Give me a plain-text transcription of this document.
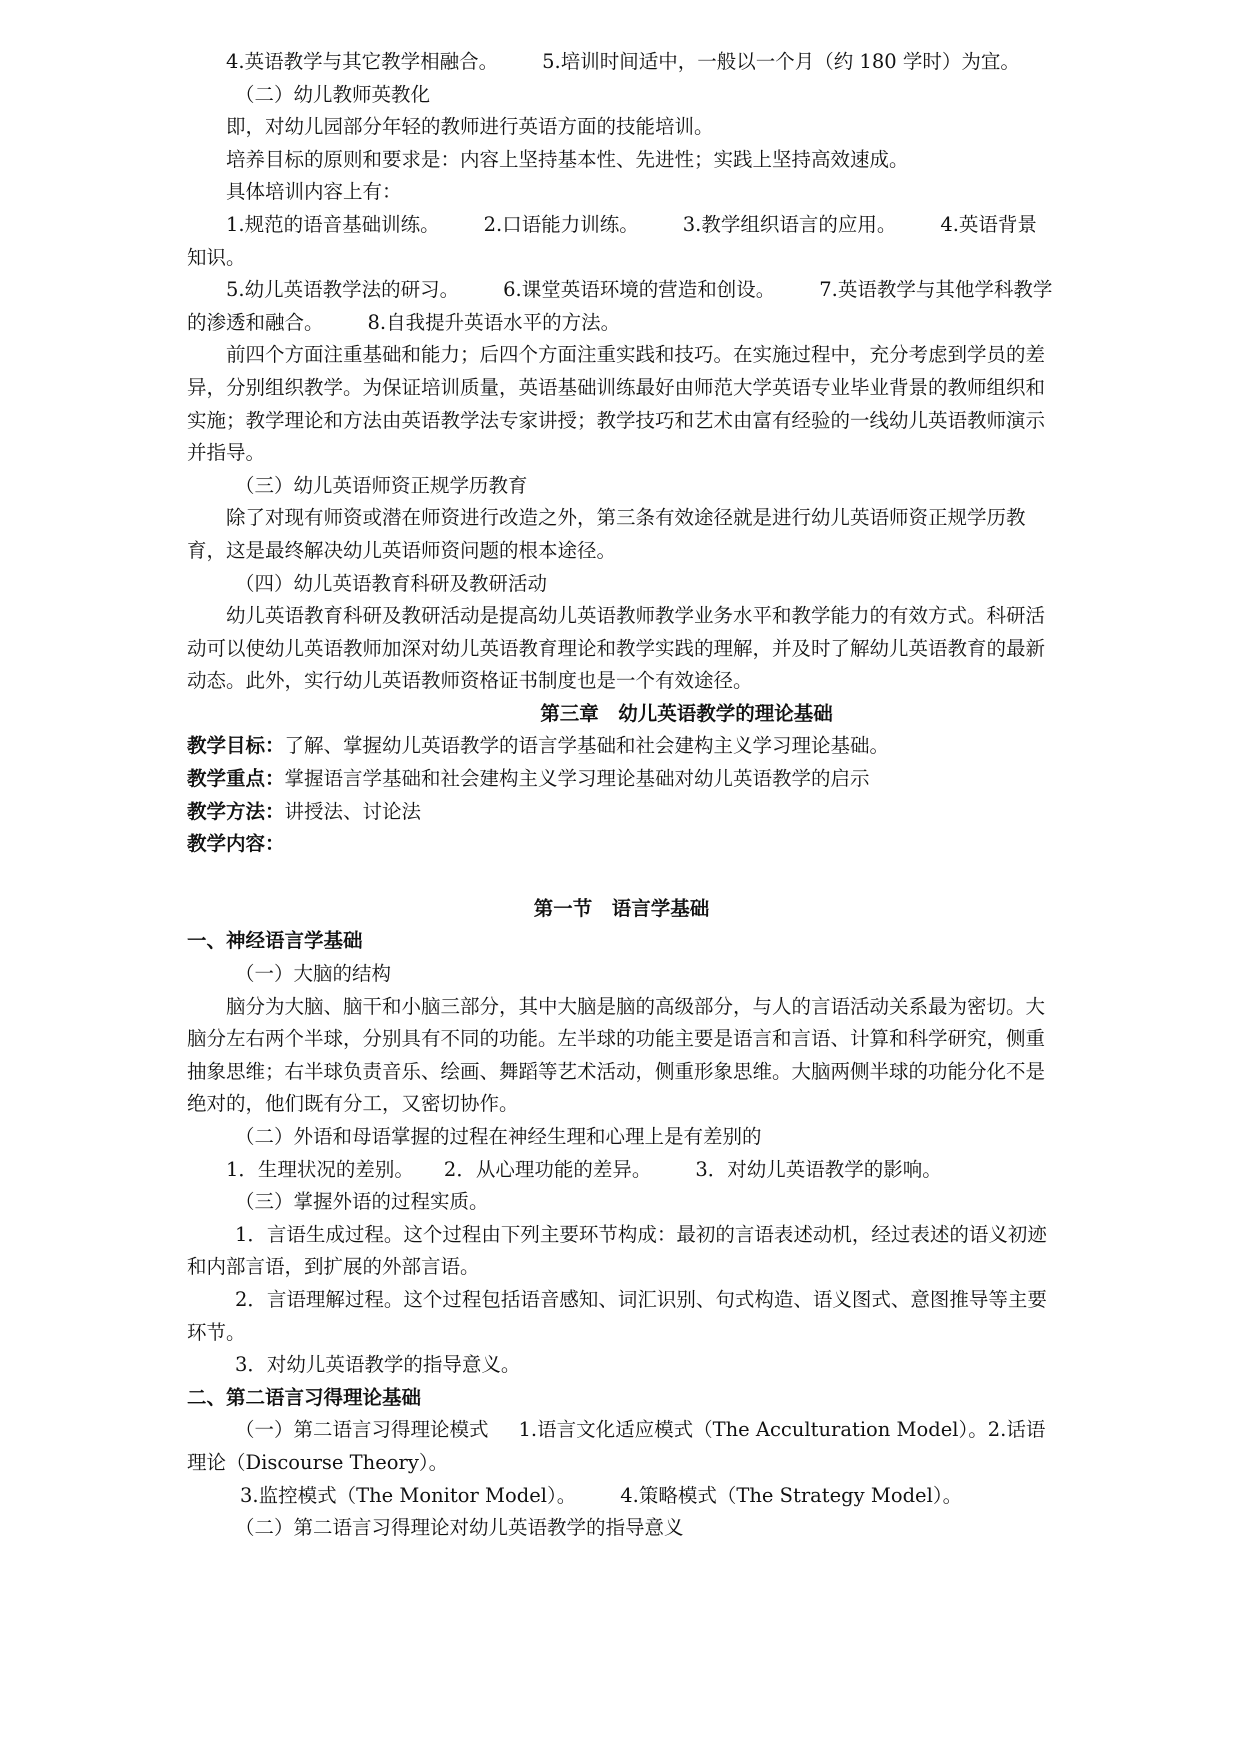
4.英语教学与其它教学相融合。 5.培训时间适中，一般以一个月（约 180 学时）为宜。

（二）幼儿教师英教化

即，对幼儿园部分年轻的教师进行英语方面的技能培训。

培养目标的原则和要求是：内容上坚持基本性、先进性；实践上坚持高效速成。

具体培训内容上有：

1.规范的语音基础训练。 2.口语能力训练。 3.教学组织语言的应用。 4.英语背景知识。

5.幼儿英语教学法的研习。 6.课堂英语环境的营造和创设。 7.英语教学与其他学科教学的渗透和融合。 8.自我提升英语水平的方法。

前四个方面注重基础和能力；后四个方面注重实践和技巧。在实施过程中，充分考虑到学员的差异，分别组织教学。为保证培训质量，英语基础训练最好由师范大学英语专业毕业背景的教师组织和实施；教学理论和方法由英语教学法专家讲授；教学技巧和艺术由富有经验的一线幼儿英语教师演示并指导。

（三）幼儿英语师资正规学历教育

除了对现有师资或潜在师资进行改造之外，第三条有效途径就是进行幼儿英语师资正规学历教育，这是最终解决幼儿英语师资问题的根本途径。

（四）幼儿英语教育科研及教研活动

幼儿英语教育科研及教研活动是提高幼儿英语教师教学业务水平和教学能力的有效方式。科研活动可以使幼儿英语教师加深对幼儿英语教育理论和教学实践的理解，并及时了解幼儿英语教育的最新动态。此外，实行幼儿英语教师资格证书制度也是一个有效途径。

第三章　幼儿英语教学的理论基础

教学目标：了解、掌握幼儿英语教学的语言学基础和社会建构主义学习理论基础。

教学重点：掌握语言学基础和社会建构主义学习理论基础对幼儿英语教学的启示

教学方法：讲授法、讨论法

教学内容：

第一节　语言学基础

一、神经语言学基础

（一）大脑的结构

脑分为大脑、脑干和小脑三部分，其中大脑是脑的高级部分，与人的言语活动关系最为密切。大脑分左右两个半球，分别具有不同的功能。左半球的功能主要是语言和言语、计算和科学研究，侧重抽象思维；右半球负责音乐、绘画、舞蹈等艺术活动，侧重形象思维。大脑两侧半球的功能分化不是绝对的，他们既有分工，又密切协作。

（二）外语和母语掌握的过程在神经生理和心理上是有差别的

1．生理状况的差别。 2．从心理功能的差异。 3．对幼儿英语教学的影响。

（三）掌握外语的过程实质。

1．言语生成过程。这个过程由下列主要环节构成：最初的言语表述动机，经过表述的语义初迹和内部言语，到扩展的外部言语。

2．言语理解过程。这个过程包括语音感知、词汇识别、句式构造、语义图式、意图推导等主要环节。

3．对幼儿英语教学的指导意义。

二、第二语言习得理论基础

（一）第二语言习得理论模式 1.语言文化适应模式（The Acculturation Model）。2.话语理论（Discourse Theory）。

3.监控模式（The Monitor Model）。 4.策略模式（The Strategy Model）。

（二）第二语言习得理论对幼儿英语教学的指导意义
